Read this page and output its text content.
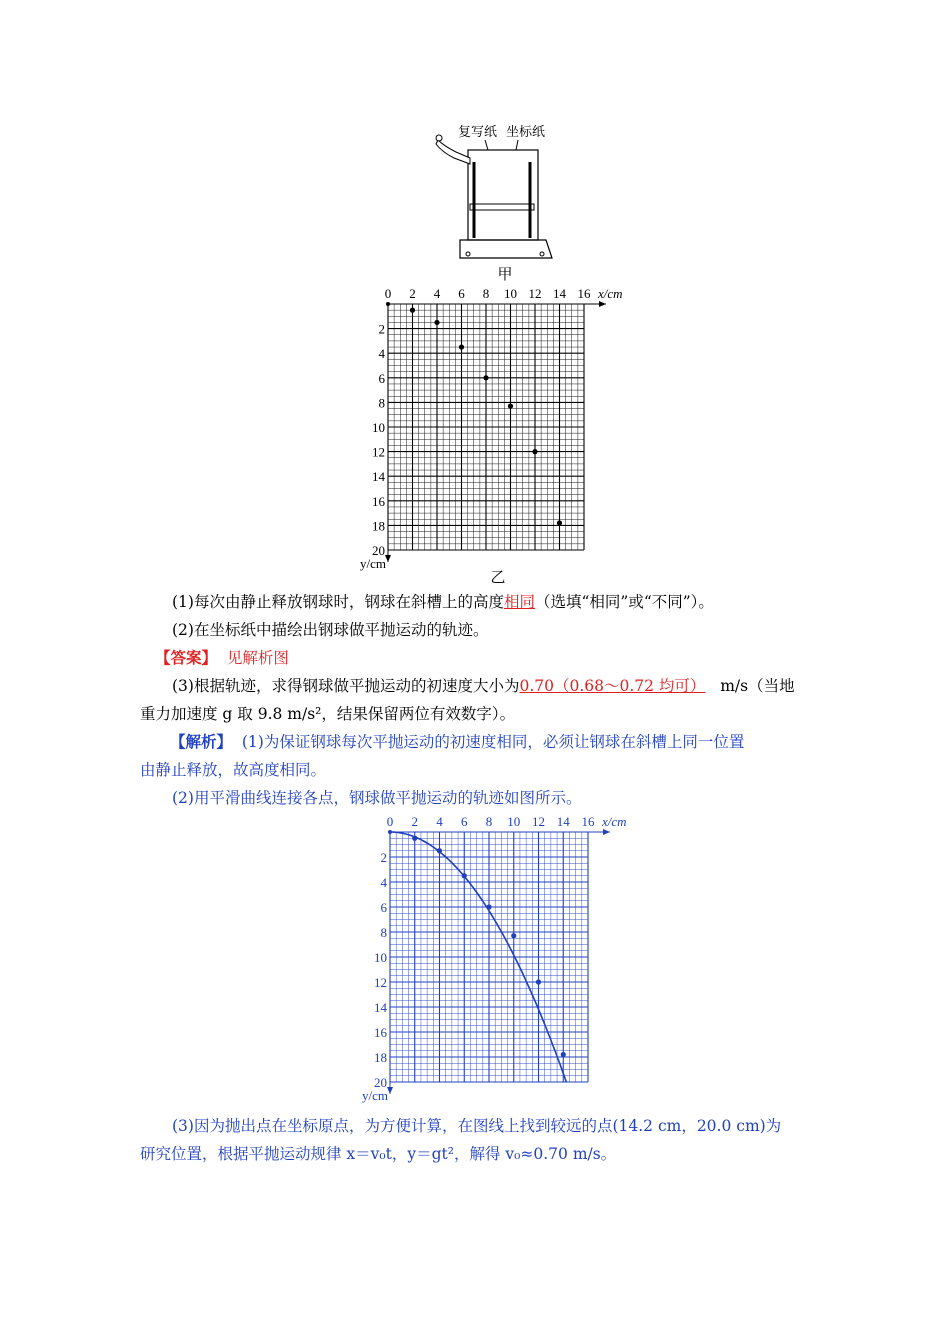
复写纸 坐标纸
甲
0 2 4 6 8 10 12 14 16
2
4
6
8
10
12
14
16
18
20
x/cm
y/cm
乙
(1)每次由静止释放钢球时，钢球在斜槽上的高度相同（选填“相同”或“不同”）。
(2)在坐标纸中描绘出钢球做平抛运动的轨迹。
【答案】 见解析图
(3)根据轨迹，求得钢球做平抛运动的初速度大小为0.70（0.68～0.72 均可） m/s（当地
重力加速度 g 取 9.8 m/s²，结果保留两位有效数字）。
【解析】 (1)为保证钢球每次平抛运动的初速度相同，必须让钢球在斜槽上同一位置
由静止释放，故高度相同。
(2)用平滑曲线连接各点，钢球做平抛运动的轨迹如图所示。
0 2 4 6 8 10 12 14 16
2
4
6
8
10
12
14
16
18
20
x/cm
y/cm
(3)因为抛出点在坐标原点，为方便计算，在图线上找到较远的点(14.2 cm，20.0 cm)为
研究位置，根据平抛运动规律 x＝v₀t，y＝gt²，解得 v₀≈0.70 m/s。
